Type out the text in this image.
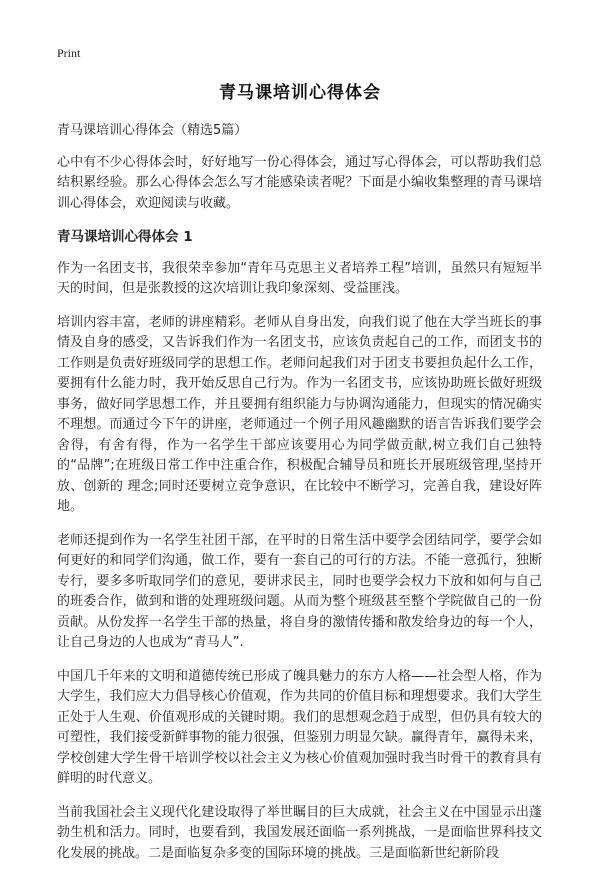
Print
青马课培训心得体会

青马课培训心得体会（精选5篇）

心中有不少心得体会时，好好地写一份心得体会，通过写心得体会，可以帮助我们总结积累经验。那么心得体会怎么写才能感染读者呢？下面是小编收集整理的青马课培训心得体会，欢迎阅读与收藏。

青马课培训心得体会 1

作为一名团支书，我很荣幸参加“青年马克思主义者培养工程”培训，虽然只有短短半天的时间，但是张教授的这次培训让我印象深刻、受益匪浅。

培训内容丰富，老师的讲座精彩。老师从自身出发，向我们说了他在大学当班长的事情及自身的感受，又告诉我们作为一名团支书，应该负责起自己的工作，而团支书的工作则是负责好班级同学的思想工作。老师问起我们对于团支书要担负起什么工作，要拥有什么能力时，我开始反思自己行为。作为一名团支书，应该协助班长做好班级事务，做好同学思想工作，并且要拥有组织能力与协调沟通能力，但现实的情况确实不理想。而通过今下午的讲座，老师通过一个例子用风趣幽默的语言告诉我们要学会舍得，有舍有得，作为一名学生干部应该要用心为同学做贡献,树立我们自己独特的“品牌”;在班级日常工作中注重合作，积极配合辅导员和班长开展班级管理,坚持开放、创新的 理念;同时还要树立竞争意识，在比较中不断学习，完善自我，建设好阵地。

老师还提到作为一名学生社团干部，在平时的日常生活中要学会团结同学，要学会如何更好的和同学们沟通，做工作，要有一套自己的可行的方法。不能一意孤行，独断专行，要多多听取同学们的意见，要讲求民主，同时也要学会权力下放和如何与自己的班委合作，做到和谐的处理班级问题。从而为整个班级甚至整个学院做自己的一份贡献。从份发挥一名学生干部的热量，将自身的激情传播和散发给身边的每一个人，让自己身边的人也成为“青马人”.

中国几千年来的文明和道德传统已形成了魄具魅力的东方人格——社会型人格，作为大学生，我们应大力倡导核心价值观，作为共同的价值目标和理想要求。我们大学生正处于人生观、价值观形成的关键时期。我们的思想观念趋于成型，但仍具有较大的可塑性，我们接受新鲜事物的能力很强，但鉴别力明显欠缺。赢得青年，赢得未来，学校创建大学生骨干培训学校以社会主义为核心价值观加强时我当时骨干的教育具有鲜明的时代意义。

当前我国社会主义现代化建设取得了举世瞩目的巨大成就，社会主义在中国显示出蓬勃生机和活力。同时，也要看到，我国发展还面临一系列挑战，一是面临世界科技文化发展的挑战。二是面临复杂多变的国际环境的挑战。三是面临新世纪新阶段
